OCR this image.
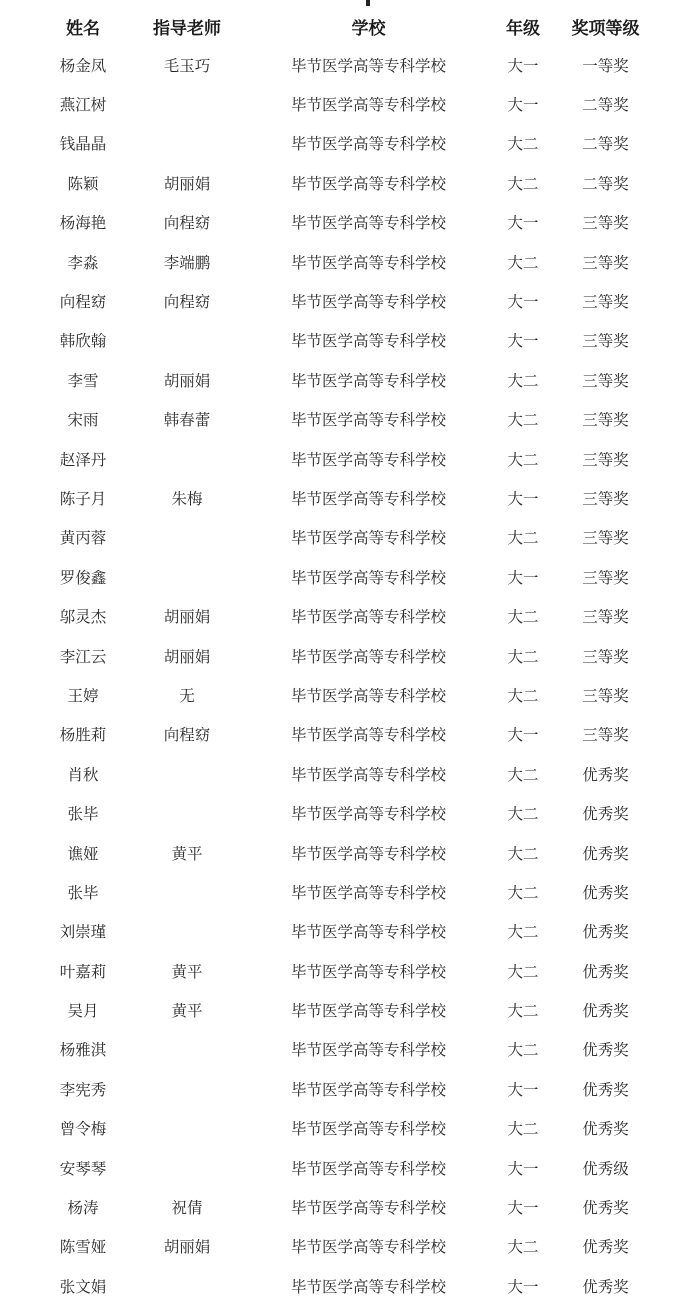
姓名	指导老师	学校	年级	奖项等级
杨金凤	毛玉巧	毕节医学高等专科学校	大一	一等奖
燕江树		毕节医学高等专科学校	大一	二等奖
钱晶晶		毕节医学高等专科学校	大二	二等奖
陈颖	胡丽娟	毕节医学高等专科学校	大二	二等奖
杨海艳	向程窈	毕节医学高等专科学校	大一	三等奖
李淼	李端鹏	毕节医学高等专科学校	大二	三等奖
向程窈	向程窈	毕节医学高等专科学校	大一	三等奖
韩欣翰		毕节医学高等专科学校	大一	三等奖
李雪	胡丽娟	毕节医学高等专科学校	大二	三等奖
宋雨	韩春蕾	毕节医学高等专科学校	大二	三等奖
赵泽丹		毕节医学高等专科学校	大二	三等奖
陈子月	朱梅	毕节医学高等专科学校	大一	三等奖
黄丙蓉		毕节医学高等专科学校	大二	三等奖
罗俊鑫		毕节医学高等专科学校	大一	三等奖
邬灵杰	胡丽娟	毕节医学高等专科学校	大二	三等奖
李江云	胡丽娟	毕节医学高等专科学校	大二	三等奖
王婷	无	毕节医学高等专科学校	大二	三等奖
杨胜莉	向程窈	毕节医学高等专科学校	大一	三等奖
肖秋		毕节医学高等专科学校	大二	优秀奖
张毕		毕节医学高等专科学校	大二	优秀奖
谯娅	黄平	毕节医学高等专科学校	大二	优秀奖
张毕		毕节医学高等专科学校	大二	优秀奖
刘崇瑾		毕节医学高等专科学校	大二	优秀奖
叶嘉莉	黄平	毕节医学高等专科学校	大二	优秀奖
吴月	黄平	毕节医学高等专科学校	大二	优秀奖
杨雅淇		毕节医学高等专科学校	大二	优秀奖
李宪秀		毕节医学高等专科学校	大一	优秀奖
曾令梅		毕节医学高等专科学校	大二	优秀奖
安琴琴		毕节医学高等专科学校	大一	优秀级
杨涛	祝倩	毕节医学高等专科学校	大一	优秀奖
陈雪娅	胡丽娟	毕节医学高等专科学校	大二	优秀奖
张文娟		毕节医学高等专科学校	大一	优秀奖
